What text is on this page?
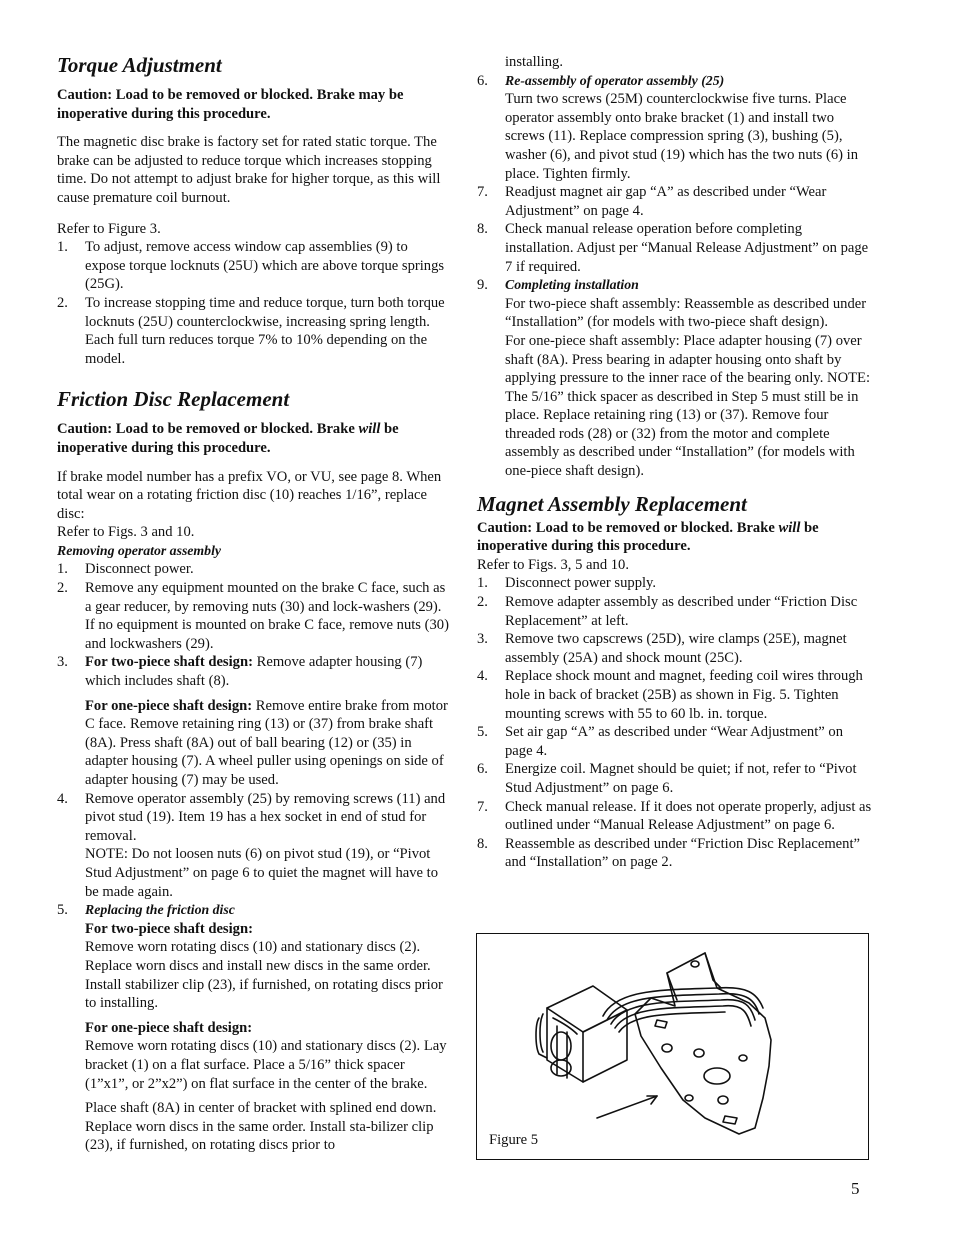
Torque Adjustment

Caution: Load to be removed or blocked. Brake may be inoperative during this procedure.

The magnetic disc brake is factory set for rated static torque. The brake can be adjusted to reduce torque which increases stopping time. Do not attempt to adjust brake for higher torque, as this will cause premature coil burnout.

Refer to Figure 3.

1. To adjust, remove access window cap assemblies (9) to expose torque locknuts (25U) which are above torque springs (25G).
2. To increase stopping time and reduce torque, turn both torque locknuts (25U) counterclockwise, increasing spring length. Each full turn reduces torque 7% to 10% depending on the model.
Friction Disc Replacement

Caution: Load to be removed or blocked. Brake will be inoperative during this procedure.

If brake model number has a prefix VO, or VU, see page 8. When total wear on a rotating friction disc (10) reaches 1/16”, replace disc:

Refer to Figs. 3 and 10.

Removing operator assembly

1. Disconnect power.
2. Remove any equipment mounted on the brake C face, such as a gear reducer, by removing nuts (30) and lock-washers (29). If no equipment is mounted on brake C face, remove nuts (30) and lockwashers (29).
3. For two-piece shaft design: Remove adapter housing (7) which includes shaft (8).
For one-piece shaft design: Remove entire brake from motor C face. Remove retaining ring (13) or (37) from brake shaft (8A). Press shaft (8A) out of ball bearing (12) or (35) in adapter housing (7). A wheel puller using openings on side of adapter housing (7) may be used.
4. Remove operator assembly (25) by removing screws (11) and pivot stud (19). Item 19 has a hex socket in end of stud for removal.
NOTE: Do not loosen nuts (6) on pivot stud (19), or “Pivot Stud Adjustment” on page 6 to quiet the magnet will have to be made again.
5. Replacing the friction disc
For two-piece shaft design:
Remove worn rotating discs (10) and stationary discs (2). Replace worn discs and install new discs in the same order. Install stabilizer clip (23), if furnished, on rotating discs prior to installing.
For one-piece shaft design:
Remove worn rotating discs (10) and stationary discs (2). Lay bracket (1) on a flat surface. Place a 5/16” thick spacer (1”x1”, or 2”x2”) on flat surface in the center of the brake.
Place shaft (8A) in center of bracket with splined end down. Replace worn discs in the same order. Install sta-bilizer clip (23), if furnished, on rotating discs prior to
installing.
6. Re-assembly of operator assembly (25)
Turn two screws (25M) counterclockwise five turns. Place operator assembly onto brake bracket (1) and install two screws (11). Replace compression spring (3), bushing (5), washer (6), and pivot stud (19) which has the two nuts (6) in place. Tighten firmly.
7. Readjust magnet air gap “A” as described under “Wear Adjustment” on page 4.
8. Check manual release operation before completing installation. Adjust per “Manual Release Adjustment” on page 7 if required.
9. Completing installation
For two-piece shaft assembly: Reassemble as described under “Installation” (for models with two-piece shaft design).
For one-piece shaft assembly: Place adapter housing (7) over shaft (8A). Press bearing in adapter housing onto shaft by applying pressure to the inner race of the bearing only. NOTE: The 5/16” thick spacer as described in Step 5 must still be in place. Replace retaining ring (13) or (37). Remove four threaded rods (28) or (32) from the motor and complete assembly as described under “Installation” (for models with one-piece shaft design).
Magnet Assembly Replacement

Caution: Load to be removed or blocked. Brake will be inoperative during this procedure.

Refer to Figs. 3, 5 and 10.

1. Disconnect power supply.
2. Remove adapter assembly as described under “Friction Disc Replacement” at left.
3. Remove two capscrews (25D), wire clamps (25E), magnet assembly (25A) and shock mount (25C).
4. Replace shock mount and magnet, feeding coil wires through hole in back of bracket (25B) as shown in Fig. 5. Tighten mounting screws with 55 to 60 lb. in. torque.
5. Set air gap “A” as described under “Wear Adjustment” on page 4.
6. Energize coil. Magnet should be quiet; if not, refer to “Pivot Stud Adjustment” on page 6.
7. Check manual release. If it does not operate properly, adjust as outlined under “Manual Release Adjustment” on page 6.
8. Reassemble as described under “Friction Disc Replacement” and “Installation” on page 2.
Figure 5
5
